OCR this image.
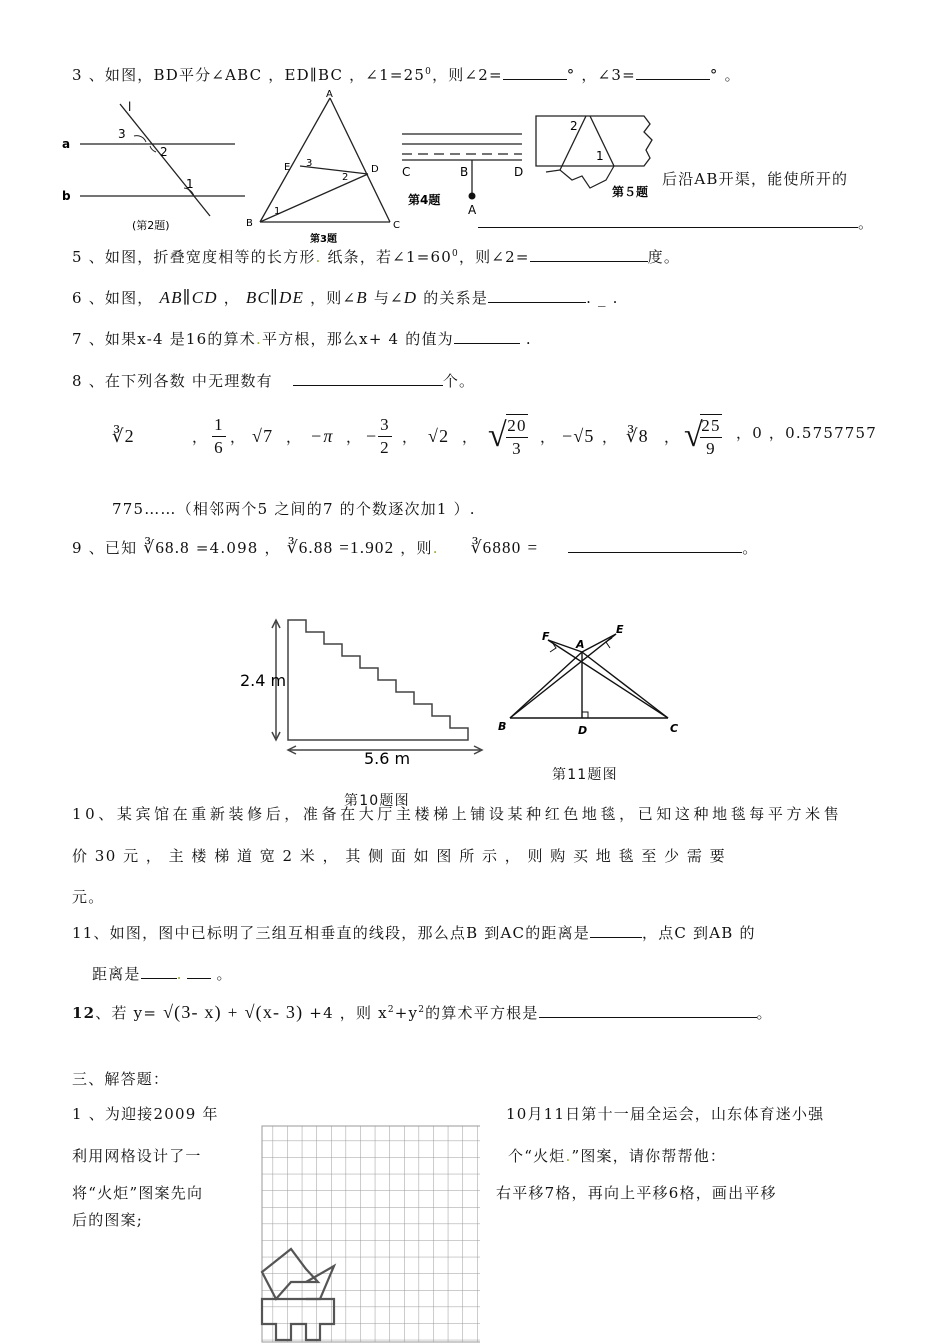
3 、如图，BD平分∠ABC ，ED∥BC ，$\angle 1=25^0$，则∠2=	° ，∠3=	° 。
a
b
l
3
2
1
(第2题)
A
B	C
D
E 3
2
1
第3题
C	B	D
A
第4题
2
1
第５题
后沿AB开渠，能使所开的
。
5 、如图，折叠宽度相等的长方形. 纸条，若$\angle 1=60^0$，则∠2=	度。
6 、如图， AB∥CD ， BC∥DE ，则∠B 与∠D 的关系是	. _ .
7 、如果x-4 是16的算术.平方根，那么x+ 4 的值为	.
8 、在下列各数 中无理数有	个。
∛2	，
1
6
， √7 ， −π ， −
3
2
， √2 ， √ 20
3
， −√5 ， ∛8 ， √
25
9
，0 ，0.5757757
775……（相邻两个5 之间的7 的个数逐次加1 ）.
9 、已知 ∛68.8 =4.098 ， ∛6.88 =1.902 ，则. ∛6880 =	。
2.4 m
5.6 m
第10题图
F
E
A
B	D	C
第11题图
10、某宾馆在重新装修后，准备在大厅主楼梯上铺设某种红色地毯，已知这种地毯每平方米售
价 30 元 ， 主 楼 梯 道 宽 2 米 ， 其 侧 面 如 图 所 示 ， 则 购 买 地 毯 至 少 需 要
元。
11、如图，图中已标明了三组互相垂直的线段，那么点B 到AC的距离是	，点C 到AB 的
距离是 . 。
12、若 y= √(3- x) + √(x- 3) +4 ，则 $x^2+y^2$的算术平方根是	。
三、解答题：
1 、为迎接2009 年	10月11日第十一届全运会，山东体育迷小强
利用网格设计了一	个“火炬.”图案，请你帮帮他：
将“火炬”图案先向	右平移7格，再向上平移6格，画出平移
后的图案;
